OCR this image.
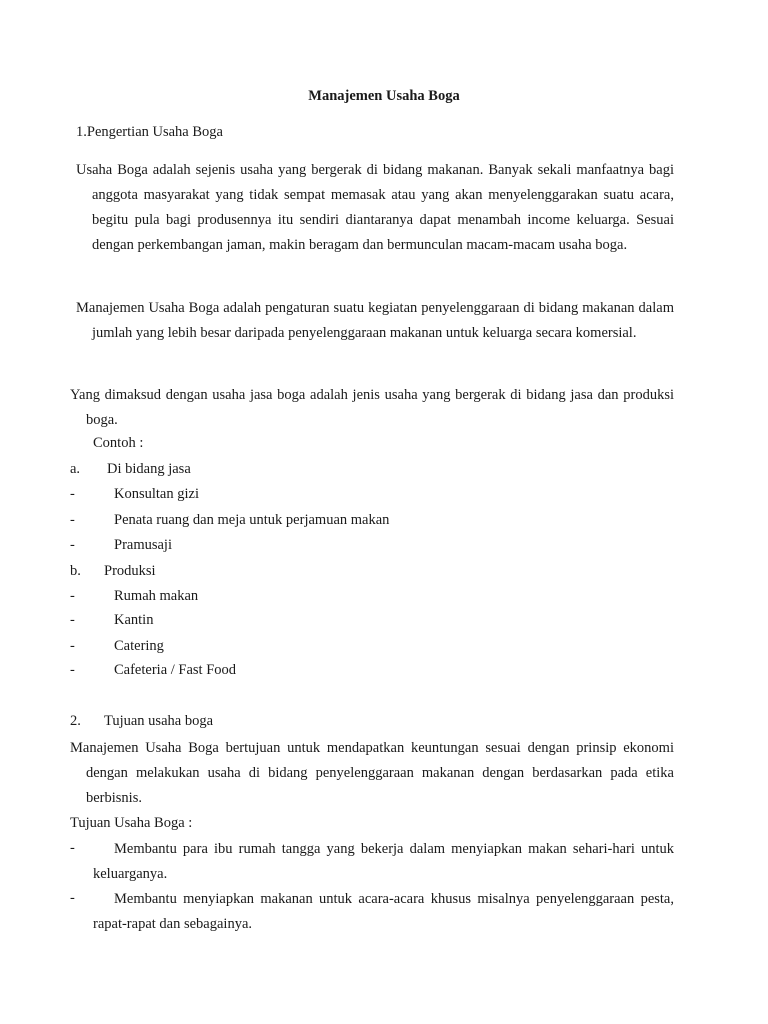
Manajemen Usaha Boga
1.Pengertian Usaha Boga
Usaha Boga adalah sejenis usaha yang bergerak di bidang makanan. Banyak sekali manfaatnya bagi anggota masyarakat yang tidak sempat memasak atau yang akan menyelenggarakan suatu acara, begitu pula bagi produsennya itu sendiri diantaranya dapat menambah income keluarga. Sesuai dengan perkembangan jaman, makin beragam dan bermunculan macam-macam usaha boga.
Manajemen Usaha Boga adalah pengaturan suatu kegiatan penyelenggaraan di bidang makanan dalam jumlah yang lebih besar daripada penyelenggaraan makanan untuk keluarga secara komersial.
Yang dimaksud dengan usaha jasa boga adalah jenis usaha yang bergerak di bidang jasa dan produksi boga.
Contoh :
a. Di bidang jasa
-	Konsultan gizi
-	Penata ruang dan meja untuk perjamuan makan
-	Pramusaji
b. Produksi
-	Rumah makan
-	Kantin
-	Catering
-	Cafeteria / Fast Food
2. Tujuan usaha boga
Manajemen Usaha Boga bertujuan untuk mendapatkan keuntungan sesuai dengan prinsip ekonomi dengan melakukan usaha di bidang penyelenggaraan makanan dengan berdasarkan pada etika berbisnis.
Tujuan Usaha Boga :
-	Membantu para ibu rumah tangga yang bekerja dalam menyiapkan makan sehari-hari untuk keluarganya.
-	Membantu menyiapkan makanan untuk acara-acara khusus misalnya penyelenggaraan pesta, rapat-rapat dan sebagainya.
